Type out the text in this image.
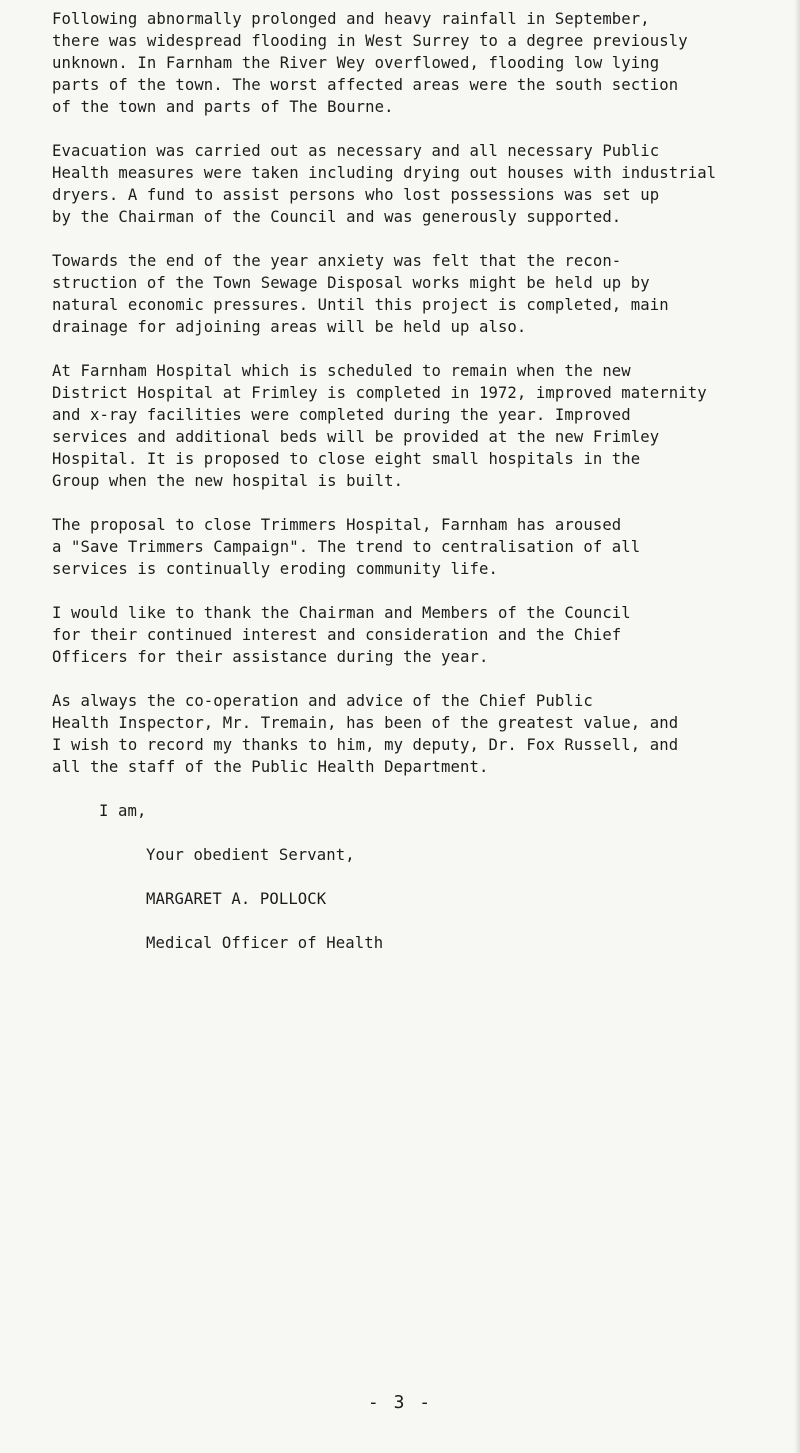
Following abnormally prolonged and heavy rainfall in September,
there was widespread flooding in West Surrey to a degree previously
unknown. In Farnham the River Wey overflowed, flooding low lying
parts of the town. The worst affected areas were the south section
of the town and parts of The Bourne.

Evacuation was carried out as necessary and all necessary Public
Health measures were taken including drying out houses with industrial
dryers. A fund to assist persons who lost possessions was set up
by the Chairman of the Council and was generously supported.

Towards the end of the year anxiety was felt that the recon-
struction of the Town Sewage Disposal works might be held up by
natural economic pressures. Until this project is completed, main
drainage for adjoining areas will be held up also.

At Farnham Hospital which is scheduled to remain when the new
District Hospital at Frimley is completed in 1972, improved maternity
and x-ray facilities were completed during the year. Improved
services and additional beds will be provided at the new Frimley
Hospital. It is proposed to close eight small hospitals in the
Group when the new hospital is built.

The proposal to close Trimmers Hospital, Farnham has aroused
a "Save Trimmers Campaign". The trend to centralisation of all
services is continually eroding community life.

I would like to thank the Chairman and Members of the Council
for their continued interest and consideration and the Chief
Officers for their assistance during the year.

As always the co-operation and advice of the Chief Public
Health Inspector, Mr. Tremain, has been of the greatest value, and
I wish to record my thanks to him, my deputy, Dr. Fox Russell, and
all the staff of the Public Health Department.

I am,

Your obedient Servant,

MARGARET A. POLLOCK

Medical Officer of Health

- 3 -
